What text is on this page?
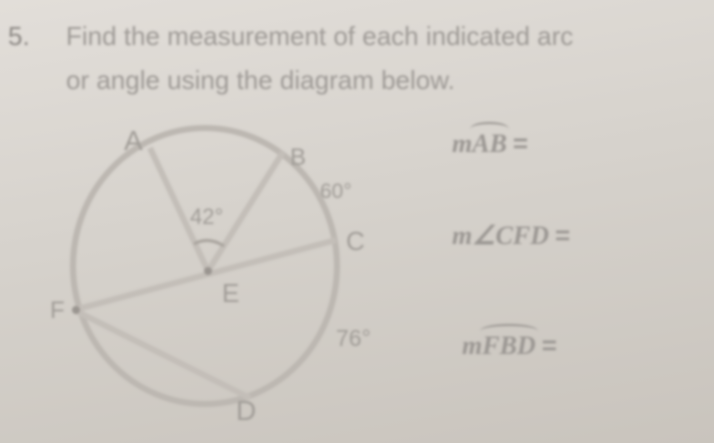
5. Find the measurement of each indicated arc
or angle using the diagram below.
A
B
C
D
E
F
42°
60°
76°
mAB =
m∠CFD =
mFBD =
